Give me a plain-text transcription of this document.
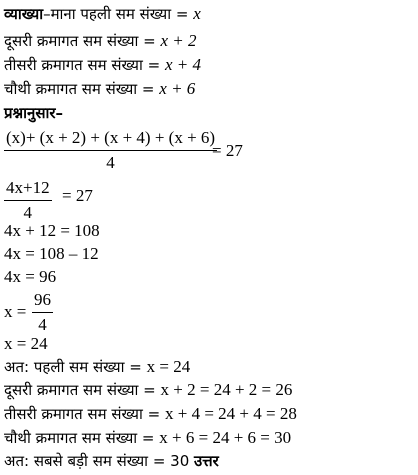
व्याख्या–माना पहली सम संख्या = x
दूसरी क्रमागत सम संख्या = x + 2
तीसरी क्रमागत सम संख्या = x + 4
चौथी क्रमागत सम संख्या = x + 6
प्रश्नानुसार–
(x)+ (x + 2) + (x + 4) + (x + 6)
4
= 27
4x+12
4
= 27
4x + 12 = 108
4x = 108 – 12
4x = 96
x =
96
4
x = 24
अत: पहली सम संख्या = x = 24
दूसरी क्रमागत सम संख्या = x + 2 = 24 + 2 = 26
तीसरी क्रमागत सम संख्या = x + 4 = 24 + 4 = 28
चौथी क्रमागत सम संख्या = x + 6 = 24 + 6 = 30
अत: सबसे बड़ी सम संख्या = 30 उत्तर
